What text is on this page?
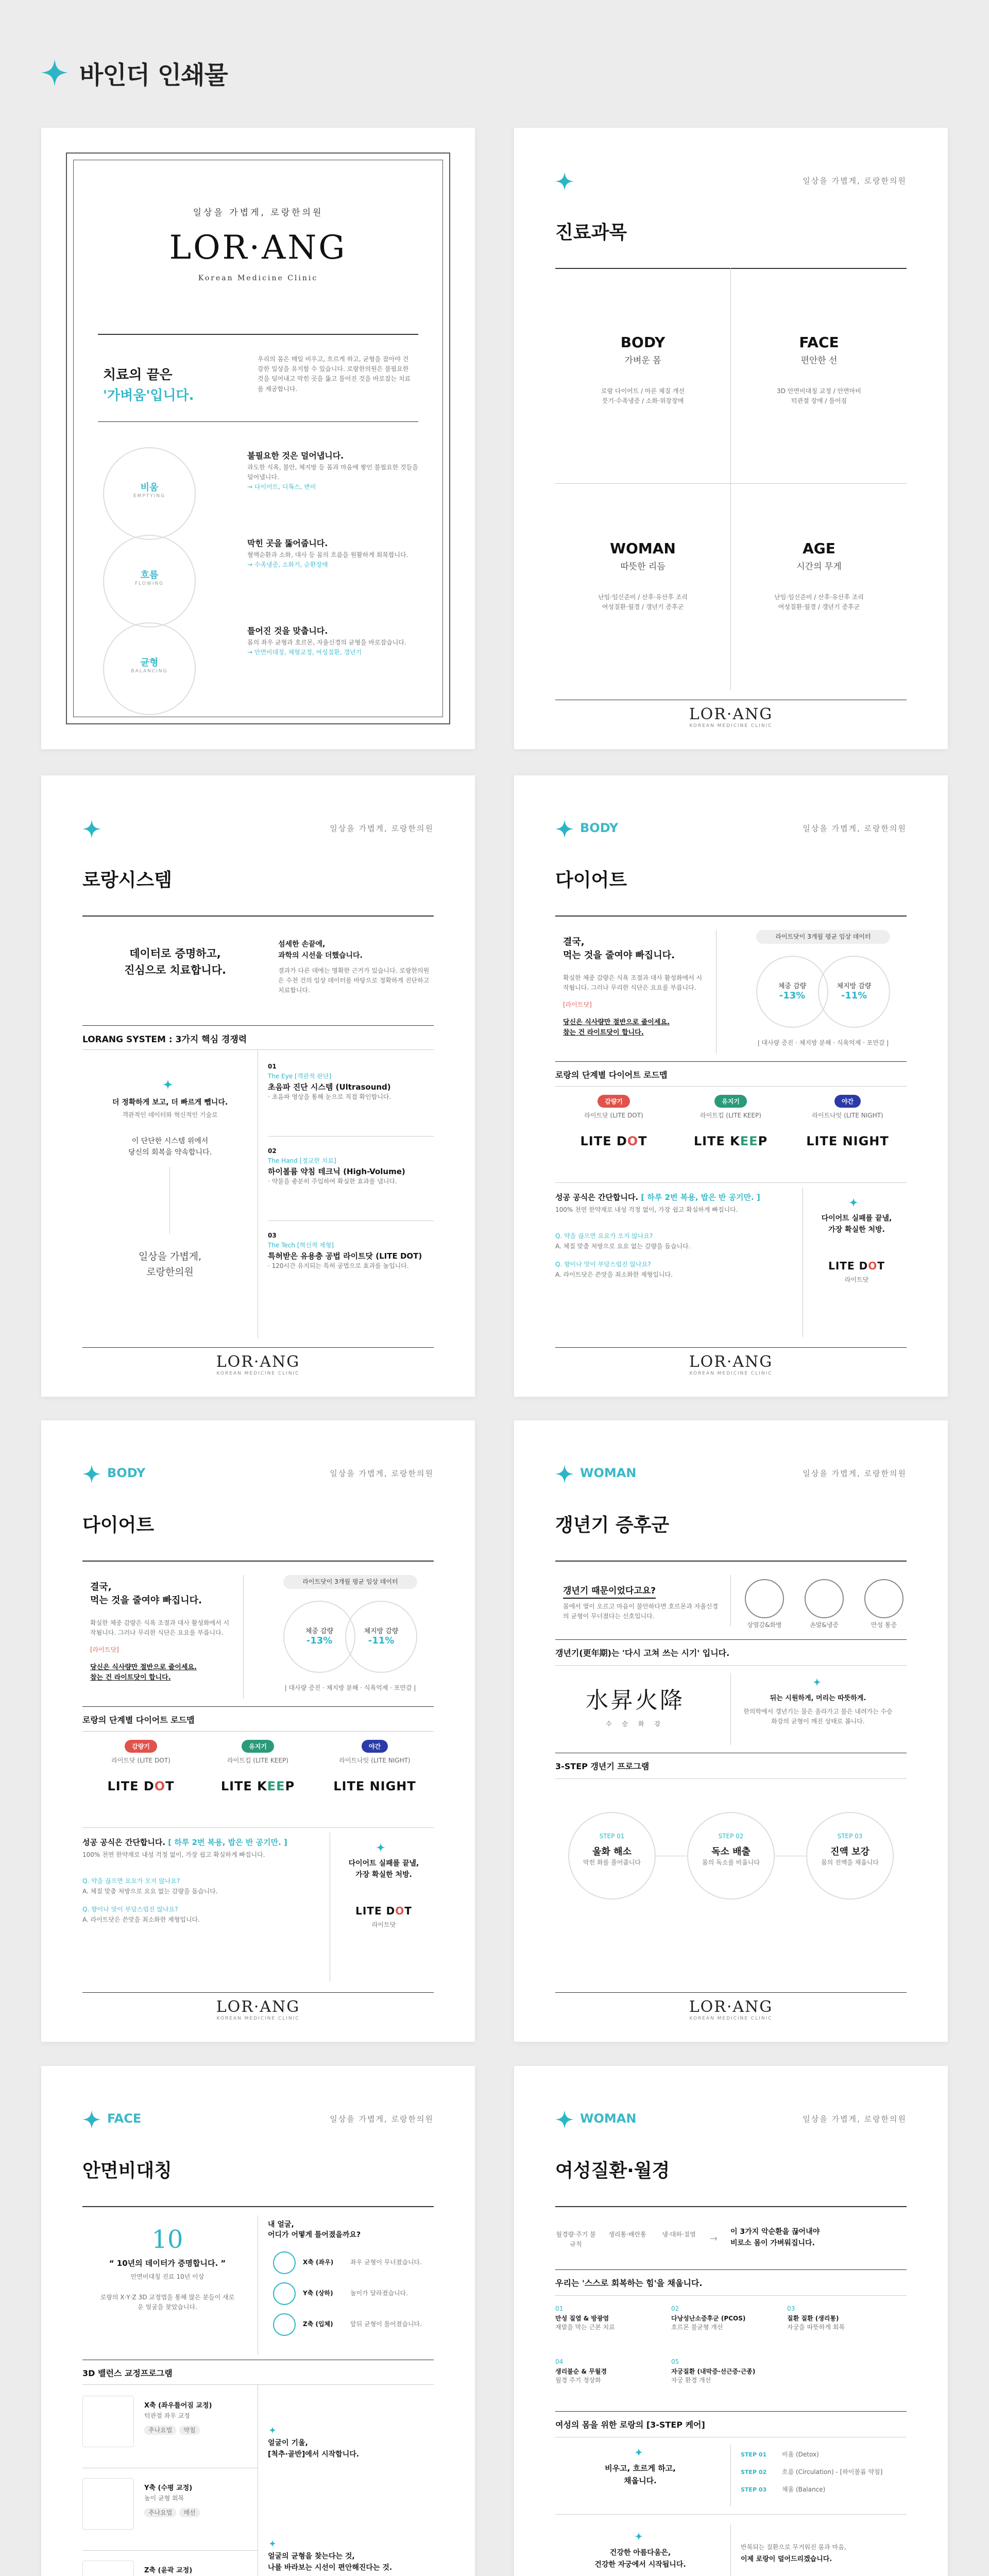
바인더 인쇄물
일상을 가볍게, 로랑한의원
LOR·ANG
Korean Medicine Clinic
치료의 끝은
'가벼움'입니다.
우리의 몸은 매일 비우고, 흐르게 하고, 균형을 잡아야 건강한 일상을 유지할 수 있습니다. 로랑한의원은 불필요한 것을 덜어내고 막힌 곳을 뚫고 틀어진 것을 바로잡는 치료를 제공합니다.
비움
EMPTYING
흐름
FLOWING
균형
BALANCING
불필요한 것은 덜어냅니다.
과도한 식욕, 불안, 체지방 등 몸과 마음에 쌓인 불필요한 것들을 덜어냅니다.
→ 다이어트, 디톡스, 변비
막힌 곳을 뚫어줍니다.
혈액순환과 소화, 대사 등 몸의 흐름을 원활하게 회복합니다.
→ 수족냉증, 소화기, 순환장애
틀어진 것을 맞춥니다.
몸의 좌우 균형과 호르몬, 자율신경의 균형을 바로잡습니다.
→ 안면비대칭, 체형교정, 여성질환, 갱년기
일상을 가볍게, 로랑한의원
진료과목
BODY
가벼운 몸
로랑 다이어트 / 마른 체질 개선
붓기·수족냉증 / 소화·위장장애
FACE
편안한 선
3D 안면비대칭 교정 / 안면마비
턱관절 장애 / 틀어짐
WOMAN
따뜻한 리듬
난임·임신준비 / 산후·유산후 조리
여성질환·월경 / 갱년기 증후군
AGE
시간의 무게
난임·임신준비 / 산후·유산후 조리
여성질환·월경 / 갱년기 증후군
LOR·ANG
KOREAN MEDICINE CLINIC
일상을 가볍게, 로랑한의원
로랑시스템
데이터로 증명하고,
진심으로 치료합니다.
섬세한 손끝에,
과학의 시선을 더했습니다.
결과가 다른 데에는 명확한 근거가 있습니다. 로랑한의원은 수천 건의 임상 데이터를 바탕으로 정확하게 진단하고 치료합니다.
LORANG SYSTEM : 3가지 핵심 경쟁력
더 정확하게 보고, 더 빠르게 뺍니다.
객관적인 데이터와 혁신적인 기술로
이 단단한 시스템 위에서
당신의 회복을 약속합니다.
일상을 가볍게,
로랑한의원
01
The Eye [객관적 판단]
초음파 진단 시스템 (Ultrasound)
· 초음파 영상을 통해 눈으로 직접 확인합니다.
02
The Hand [정교한 치료]
하이볼륨 약침 테크닉 (High-Volume)
· 약물을 충분히 주입하여 확실한 효과를 냅니다.
03
The Tech [혁신적 제형]
특허받은 유용층 공법 라이트닷 (LITE DOT)
· 120시간 유지되는 특허 공법으로 효과를 높입니다.
LOR·ANG
KOREAN MEDICINE CLINIC
BODY	일상을 가볍게, 로랑한의원
다이어트
결국,
먹는 것을 줄여야 빠집니다.
확실한 체중 감량은 식욕 조절과 대사 활성화에서 시작됩니다. 그러나 무리한 식단은 요요를 부릅니다.
[라이트닷]
당신은 식사량만 절반으로 줄이세요.
참는 건 라이트닷이 합니다.
라이트닷이 3개월 평균 임상 데이터
체중 감량
-13%
체지방 감량
-11%
| 대사량 증진 · 체지방 분해 · 식욕억제 · 포만감 |
로랑의 단계별 다이어트 로드맵
감량기
라이트닷 (LITE DOT)
LITE DOT
유지기
라이트킵 (LITE KEEP)
LITE KEEP
야간
라이트나잇 (LITE NIGHT)
LITE NIGHT
성공 공식은 간단합니다. [ 하루 2번 복용, 밥은 반 공기만. ]
100% 천연 한약재로 내성 걱정 없이, 가장 쉽고 확실하게 빠집니다.
Q. 약을 끊으면 요요가 오지 않나요?
A. 체질 맞춤 처방으로 요요 없는 감량을 돕습니다.
Q. 향이나 맛이 부담스럽진 않나요?
A. 라이트닷은 쓴맛을 최소화한 제형입니다.
다이어트 실패를 끝낼,
가장 확실한 처방.
LITE DOT
라이트닷
LOR·ANG
KOREAN MEDICINE CLINIC
BODY	일상을 가볍게, 로랑한의원
다이어트
결국,
먹는 것을 줄여야 빠집니다.
확실한 체중 감량은 식욕 조절과 대사 활성화에서 시작됩니다. 그러나 무리한 식단은 요요를 부릅니다.
[라이트닷]
당신은 식사량만 절반으로 줄이세요.
참는 건 라이트닷이 합니다.
라이트닷이 3개월 평균 임상 데이터
체중 감량
-13%
체지방 감량
-11%
| 대사량 증진 · 체지방 분해 · 식욕억제 · 포만감 |
로랑의 단계별 다이어트 로드맵
감량기
라이트닷 (LITE DOT)
LITE DOT
유지기
라이트킵 (LITE KEEP)
LITE KEEP
야간
라이트나잇 (LITE NIGHT)
LITE NIGHT
성공 공식은 간단합니다. [ 하루 2번 복용, 밥은 반 공기만. ]
100% 천연 한약재로 내성 걱정 없이, 가장 쉽고 확실하게 빠집니다.
Q. 약을 끊으면 요요가 오지 않나요?
A. 체질 맞춤 처방으로 요요 없는 감량을 돕습니다.
Q. 향이나 맛이 부담스럽진 않나요?
A. 라이트닷은 쓴맛을 최소화한 제형입니다.
다이어트 실패를 끝낼,
가장 확실한 처방.
LITE DOT
라이트닷
LOR·ANG
KOREAN MEDICINE CLINIC
WOMAN	일상을 가볍게, 로랑한의원
갱년기 증후군
갱년기 때문이었다고요?
몸에서 열이 오르고 마음이 불안하다면 호르몬과 자율신경의 균형이 무너졌다는 신호입니다.
상열감&화병	손발&냉증	만성 통증
갱년기(更年期)는 '다시 고쳐 쓰는 시기' 입니다.
水昇火降
수 승 화 강
뒤는 시원하게, 머리는 따뜻하게.
한의학에서 갱년기는 물은 올라가고 불은 내려가는 수승화강의 균형이 깨진 상태로 봅니다.
3-STEP 갱년기 프로그램
STEP 01
울화 해소
막힌 화를 풀어줍니다
STEP 02
독소 배출
몸의 독소를 비웁니다
STEP 03
진액 보강
몸의 진액을 채웁니다
LOR·ANG
KOREAN MEDICINE CLINIC
FACE	일상을 가볍게, 로랑한의원
안면비대칭
10
“ 10년의 데이터가 증명합니다. ”
안면비대칭 진료 10년 이상
로랑의 X·Y·Z 3D 교정법을 통해 많은 분들이 새로운 얼굴을 찾았습니다.
내 얼굴,
어디가 어떻게 틀어졌을까요?
X축 (좌우)	좌우 균형이 무너졌습니다.
Y축 (상하)	높이가 달라졌습니다.
Z축 (입체)	앞뒤 균형이 틀어졌습니다.
3D 밸런스 교정프로그램
X축 (좌우틀어짐 교정)
턱관절 좌우 교정
추나요법 약침
Y축 (수평 교정)
높이 균형 회복
추나요법 매선
Z축 (윤곽 교정)
얼굴이 기울,
[척추·골반]에서 시작합니다.
얼굴의 균형을 찾는다는 것,
나를 바라보는 시선이 편안해진다는 것.
WOMAN	일상을 가볍게, 로랑한의원
여성질환·월경
월경량·주기 불규칙
생리통·배란통	냉·대하·질염	→
이 3가지 악순환을 끊어내야
비로소 몸이 가벼워집니다.
우리는 '스스로 회복하는 힘'을 채웁니다.
01
만성 질염 & 방광염
재발을 막는 근본 치료
02
다낭성난소증후군 (PCOS)
호르몬 불균형 개선
03
질환 질환 (생리통)
자궁을 따뜻하게 회복
04
생리불순 & 무월경
월경 주기 정상화
05
자궁질환 (내막증·선근증·근종)
자궁 환경 개선
여성의 몸을 위한 로랑의 [3-STEP 케어]
비우고, 흐르게 하고,
채웁니다.
STEP 01 비움 (Detox)
STEP 02 흐름 (Circulation) - [하이볼륨 약침]
STEP 03 채움 (Balance)
건강한 아름다움은,
건강한 자궁에서 시작됩니다.
반복되는 질환으로 무거워진 몸과 마음,
이제 로랑이 덜어드리겠습니다.
